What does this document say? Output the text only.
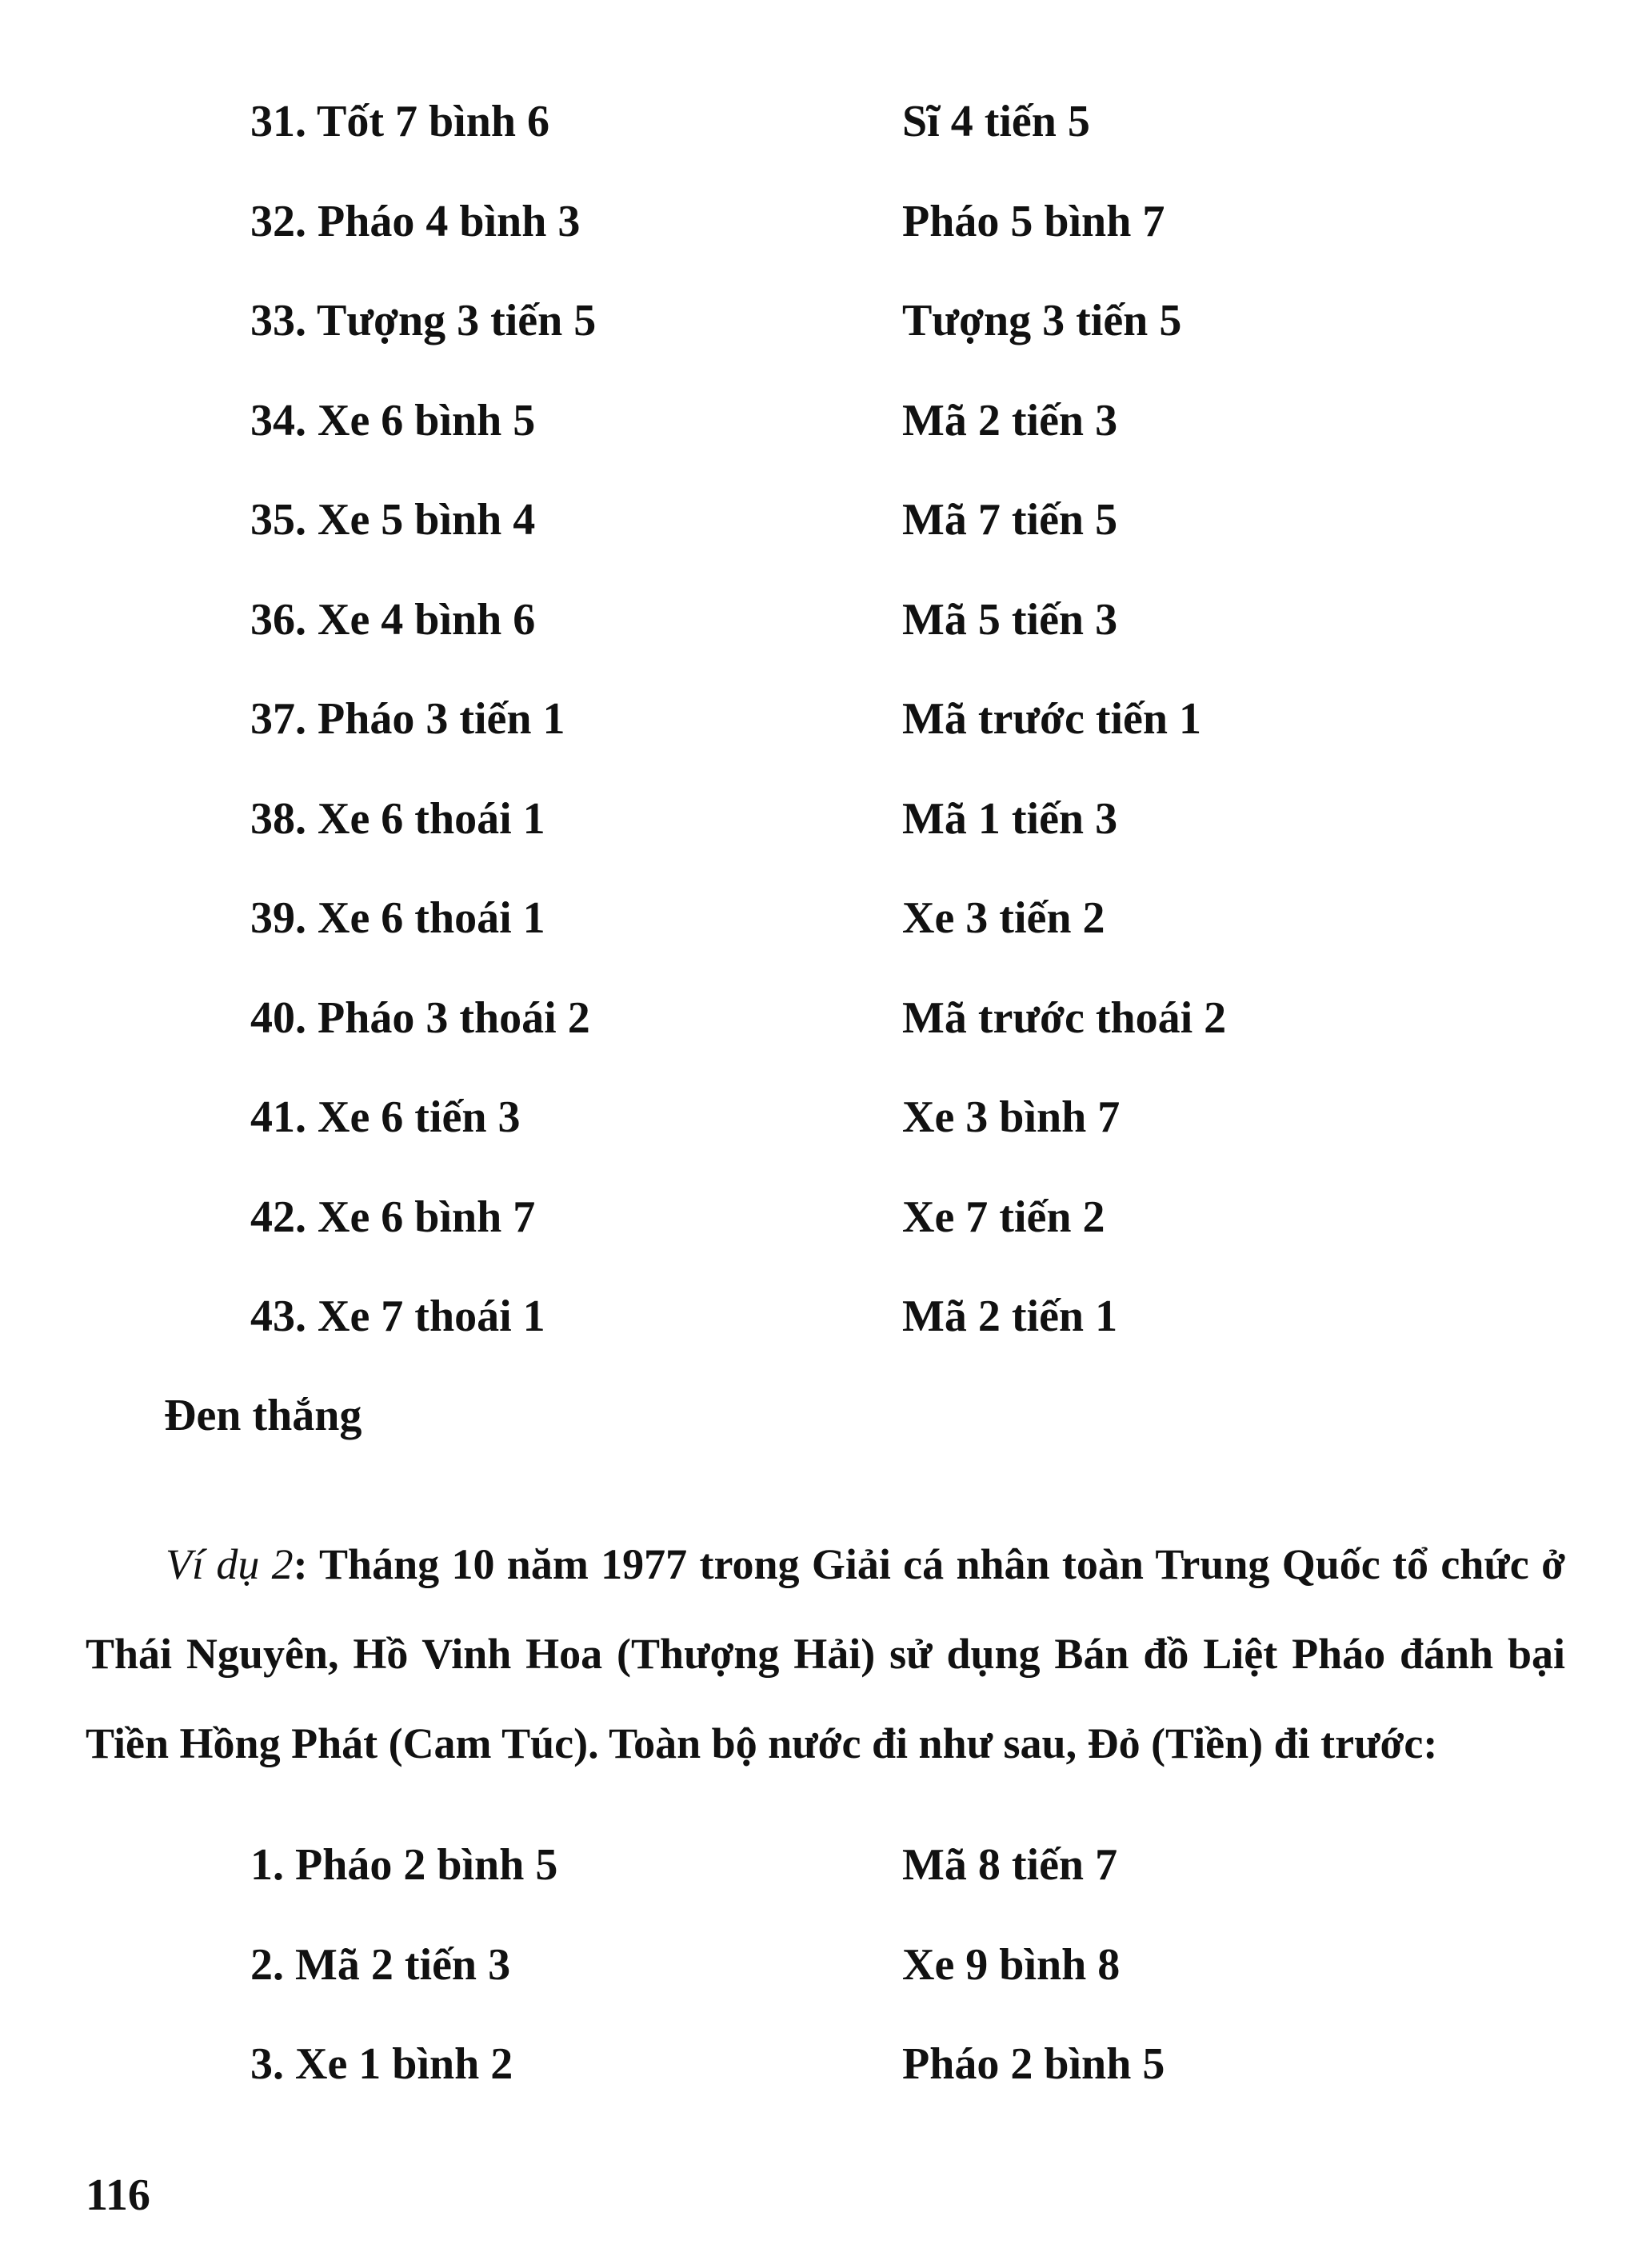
31. Tốt 7 bình 6	Sĩ 4 tiến 5
32. Pháo 4 bình 3	Pháo 5 bình 7
33. Tượng 3 tiến 5	Tượng 3 tiến 5
34. Xe 6 bình 5	Mã 2 tiến 3
35. Xe 5 bình 4	Mã 7 tiến 5
36. Xe 4 bình 6	Mã 5 tiến 3
37. Pháo 3 tiến 1	Mã trước tiến 1
38. Xe 6 thoái 1	Mã 1 tiến 3
39. Xe 6 thoái 1	Xe 3 tiến 2
40. Pháo 3 thoái 2	Mã trước thoái 2
41. Xe 6 tiến 3	Xe 3 bình 7
42. Xe 6 bình 7	Xe 7 tiến 2
43. Xe 7 thoái 1	Mã 2 tiến 1
Đen thắng

Ví dụ 2: Tháng 10 năm 1977 trong Giải cá nhân toàn Trung Quốc tổ chức ở Thái Nguyên, Hồ Vinh Hoa (Thượng Hải) sử dụng Bán đồ Liệt Pháo đánh bại Tiền Hồng Phát (Cam Túc). Toàn bộ nước đi như sau, Đỏ (Tiền) đi trước:

1. Pháo 2 bình 5	Mã 8 tiến 7
2. Mã 2 tiến 3	Xe 9 bình 8
3. Xe 1 bình 2	Pháo 2 bình 5
116
